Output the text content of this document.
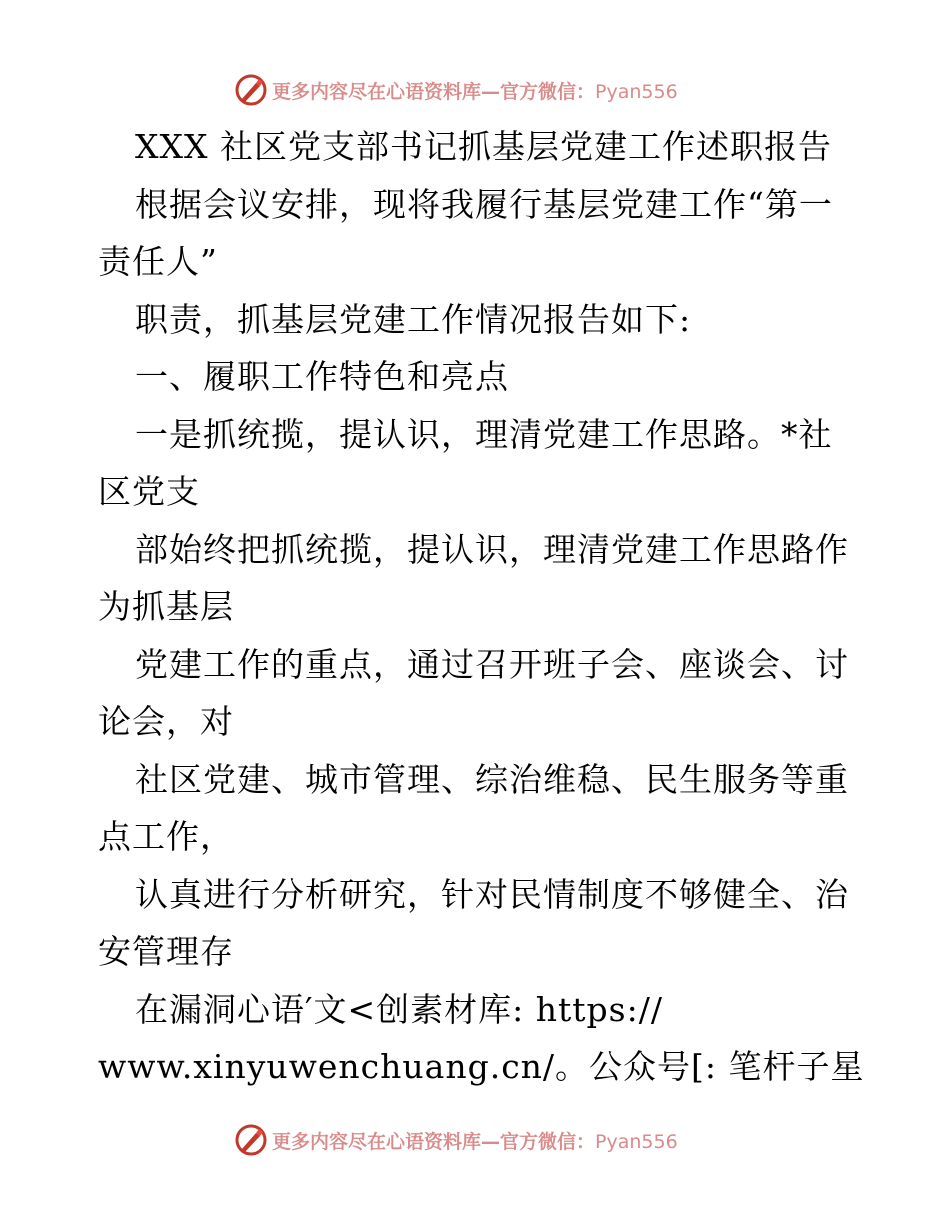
更多内容尽在心语资料库—官方微信：Pyan556
XXX 社区党支部书记抓基层党建工作述职报告
根据会议安排，现将我履行基层党建工作“第一
责任人”
职责，抓基层党建工作情况报告如下:
一、履职工作特色和亮点
一是抓统揽，提认识，理清党建工作思路。*社
区党支
部始终把抓统揽，提认识，理清党建工作思路作
为抓基层
党建工作的重点，通过召开班子会、座谈会、讨
论会，对
社区党建、城市管理、综治维稳、民生服务等重
点工作，
认真进行分析研究，针对民情制度不够健全、治
安管理存
在漏洞心语′文<创素材库: https://
www.xinyuwenchuang.cn/。公众号[: 笔杆子星
更多内容尽在心语资料库—官方微信：Pyan556
